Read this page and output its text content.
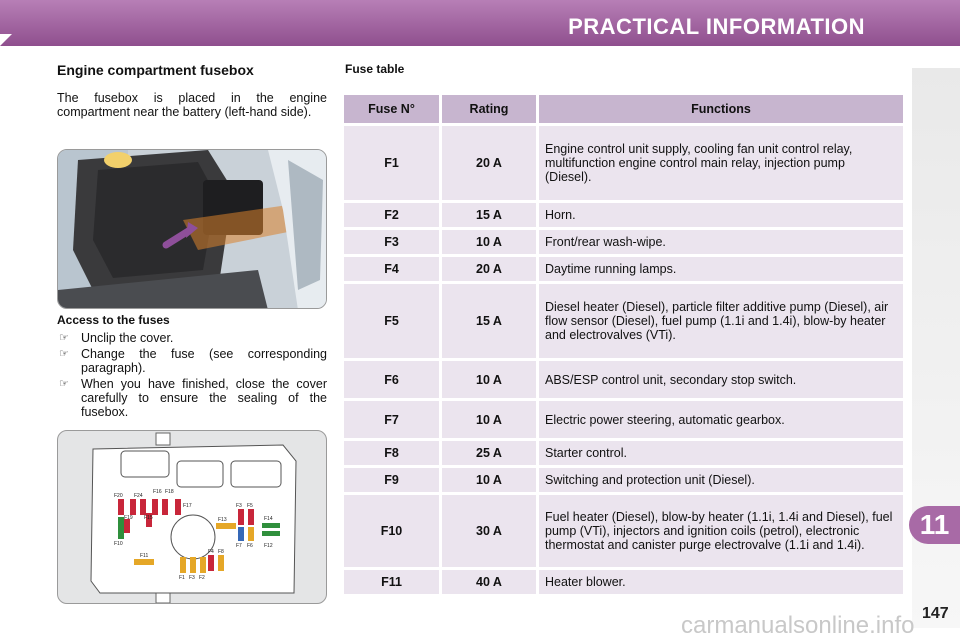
PRACTICAL INFORMATION
11
147
carmanualsonline.info
Engine compartment fusebox
The fusebox is placed in the engine compartment near the battery (left-hand side).
Access to the fuses
☞ Unclip the cover.
☞ Change the fuse (see corresponding paragraph).
☞ When you have finished, close the cover carefully to ensure the sealing of the fusebox.
F20 F24
F16 F18
F17
F19 F15
F10
F13
F3 F5
F14
F11
F4 F8
F7 F6 F12
F1 F3 F2
Fuse table
Fuse N°	Rating	Functions
F1	20 A	Engine control unit supply, cooling fan unit control relay, multifunction engine control main relay, injection pump (Diesel).
F2	15 A	Horn.
F3	10 A	Front/rear wash-wipe.
F4	20 A	Daytime running lamps.
F5	15 A	Diesel heater (Diesel), particle filter additive pump (Diesel), air flow sensor (Diesel), fuel pump (1.1i and 1.4i), blow-by heater and electrovalves (VTi).
F6	10 A	ABS/ESP control unit, secondary stop switch.
F7	10 A	Electric power steering, automatic gearbox.
F8	25 A	Starter control.
F9	10 A	Switching and protection unit (Diesel).
F10	30 A	Fuel heater (Diesel), blow-by heater (1.1i, 1.4i and Diesel), fuel pump (VTi), injectors and ignition coils (petrol), electronic thermostat and canister purge electrovalve (1.1i and 1.4i).
F11	40 A	Heater blower.
